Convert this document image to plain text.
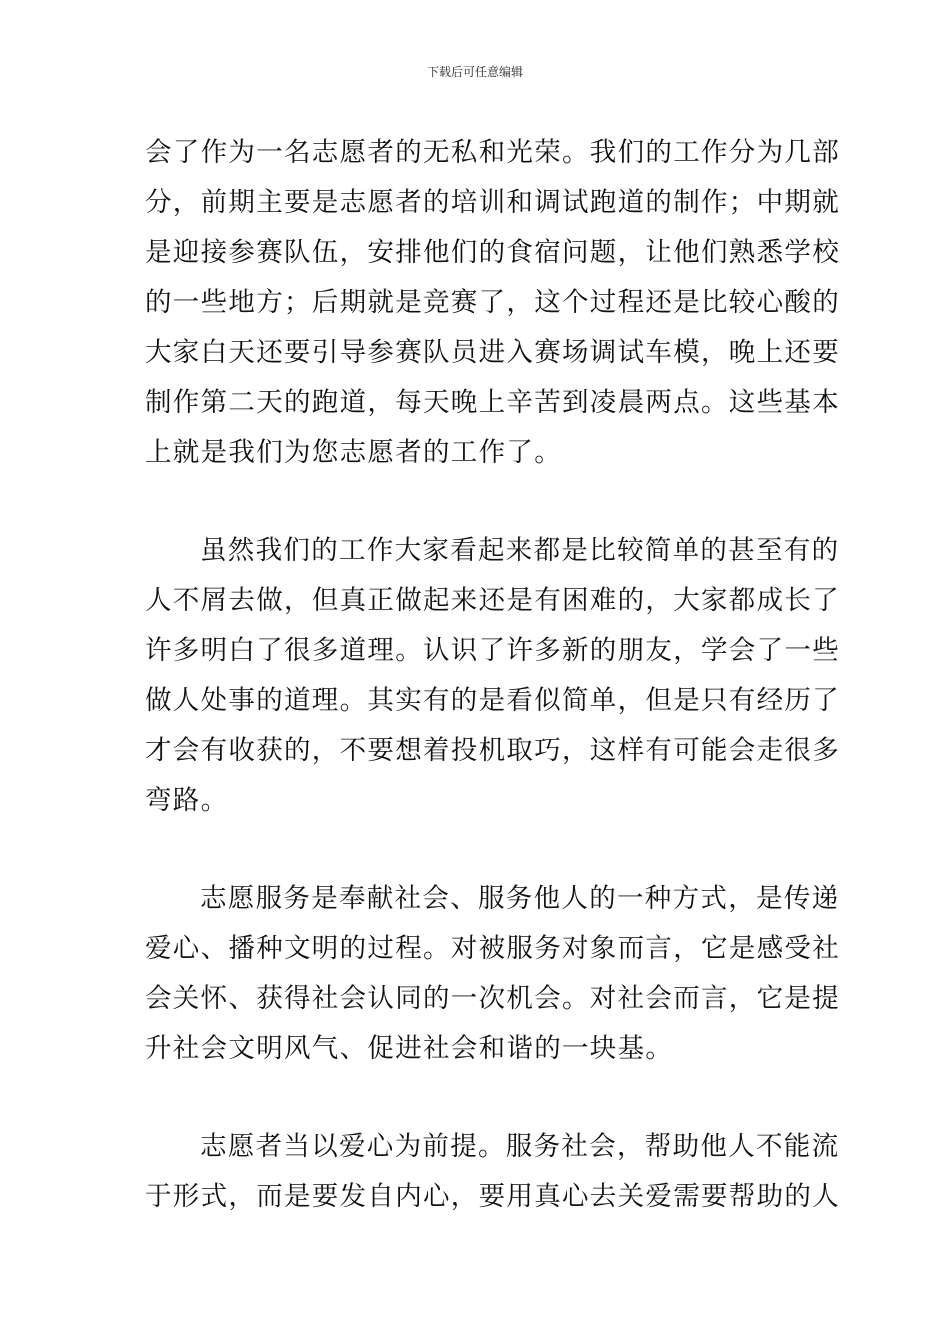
下载后可任意编辑

会了作为一名志愿者的无私和光荣。我们的工作分为几部
分，前期主要是志愿者的培训和调试跑道的制作；中期就
是迎接参赛队伍，安排他们的食宿问题，让他们熟悉学校
的一些地方；后期就是竞赛了，这个过程还是比较心酸的
大家白天还要引导参赛队员进入赛场调试车模，晚上还要
制作第二天的跑道，每天晚上辛苦到凌晨两点。这些基本
上就是我们为您志愿者的工作了。

虽然我们的工作大家看起来都是比较简单的甚至有的
人不屑去做，但真正做起来还是有困难的，大家都成长了
许多明白了很多道理。认识了许多新的朋友，学会了一些
做人处事的道理。其实有的是看似简单，但是只有经历了
才会有收获的，不要想着投机取巧，这样有可能会走很多
弯路。

志愿服务是奉献社会、服务他人的一种方式，是传递
爱心、播种文明的过程。对被服务对象而言，它是感受社
会关怀、获得社会认同的一次机会。对社会而言，它是提
升社会文明风气、促进社会和谐的一块基。

志愿者当以爱心为前提。服务社会，帮助他人不能流
于形式，而是要发自内心，要用真心去关爱需要帮助的人
